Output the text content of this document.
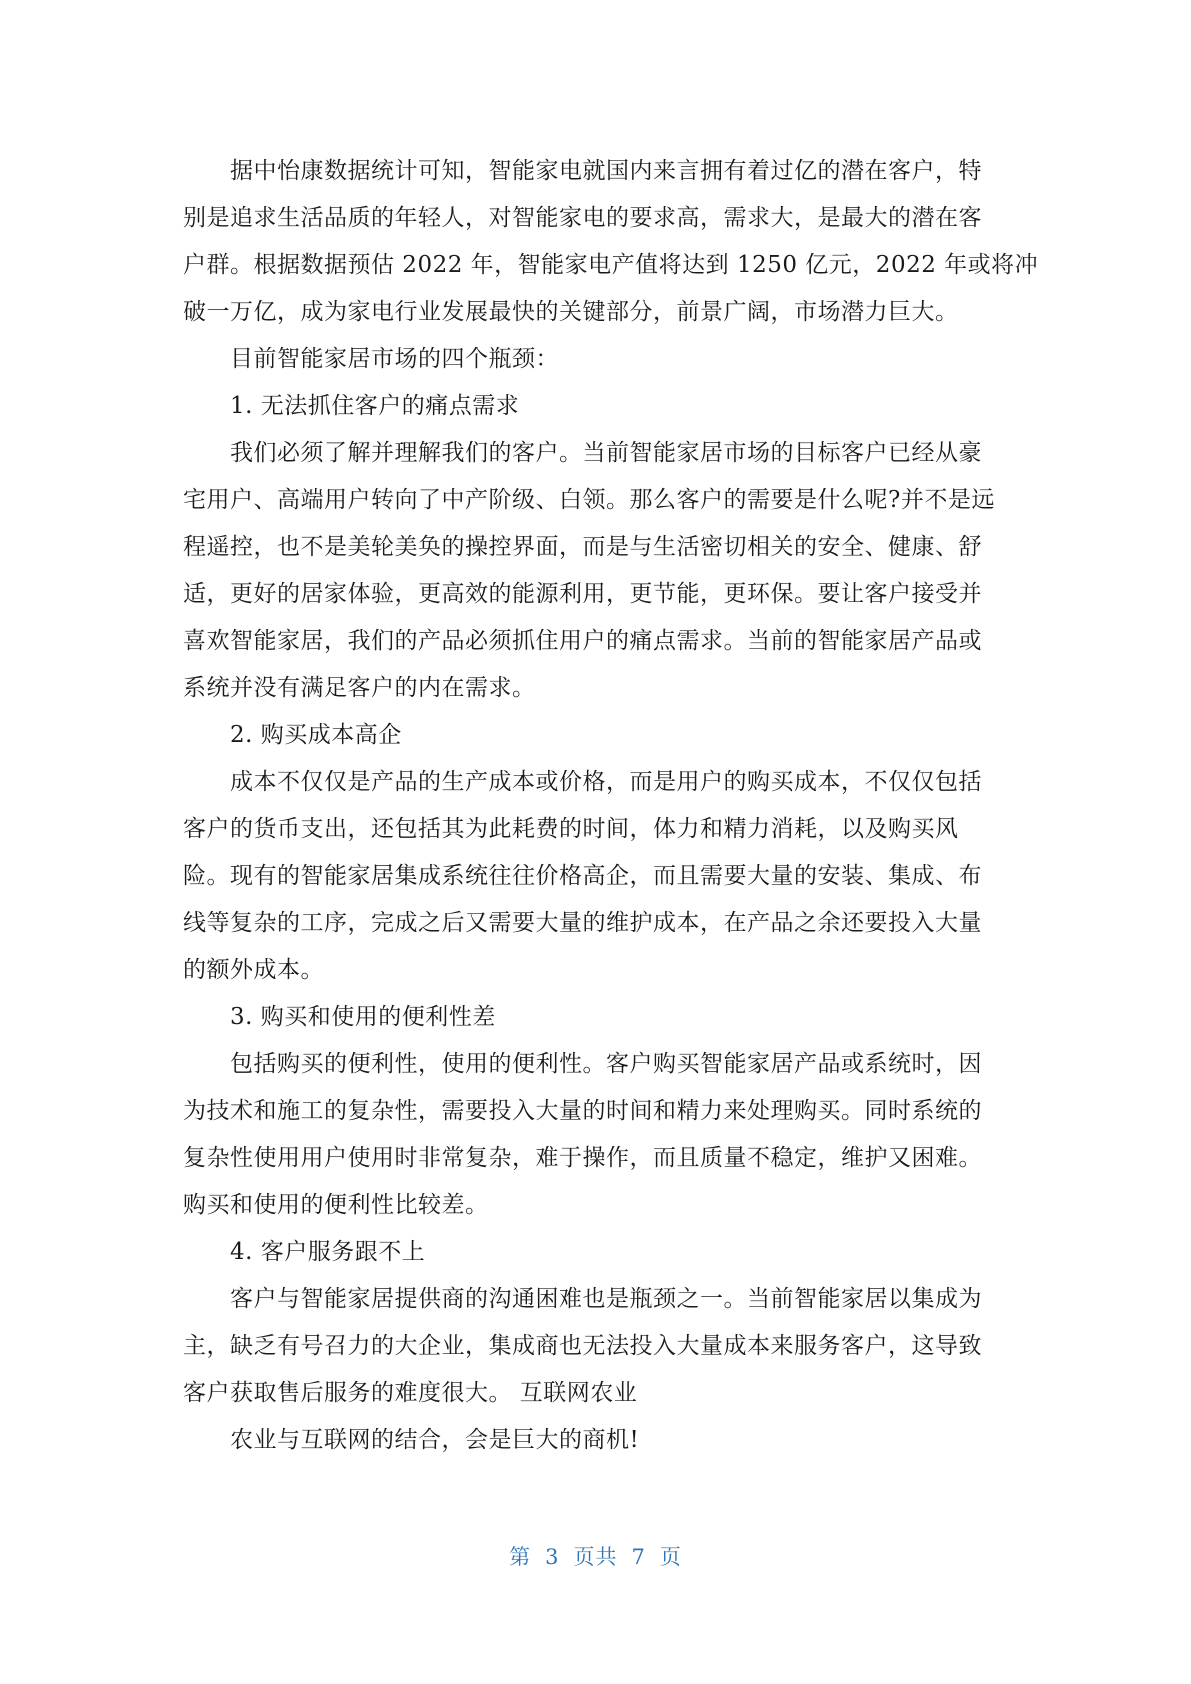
据中怡康数据统计可知，智能家电就国内来言拥有着过亿的潜在客户，特
别是追求生活品质的年轻人，对智能家电的要求高，需求大，是最大的潜在客
户群。根据数据预估 2022 年，智能家电产值将达到 1250 亿元，2022 年或将冲
破一万亿，成为家电行业发展最快的关键部分，前景广阔，市场潜力巨大。
目前智能家居市场的四个瓶颈：
1. 无法抓住客户的痛点需求
我们必须了解并理解我们的客户。当前智能家居市场的目标客户已经从豪
宅用户、高端用户转向了中产阶级、白领。那么客户的需要是什么呢?并不是远
程遥控，也不是美轮美奂的操控界面，而是与生活密切相关的安全、健康、舒
适，更好的居家体验，更高效的能源利用，更节能，更环保。要让客户接受并
喜欢智能家居，我们的产品必须抓住用户的痛点需求。当前的智能家居产品或
系统并没有满足客户的内在需求。
2. 购买成本高企
成本不仅仅是产品的生产成本或价格，而是用户的购买成本，不仅仅包括
客户的货币支出，还包括其为此耗费的时间，体力和精力消耗，以及购买风
险。现有的智能家居集成系统往往价格高企，而且需要大量的安装、集成、布
线等复杂的工序，完成之后又需要大量的维护成本，在产品之余还要投入大量
的额外成本。
3. 购买和使用的便利性差
包括购买的便利性，使用的便利性。客户购买智能家居产品或系统时，因
为技术和施工的复杂性，需要投入大量的时间和精力来处理购买。同时系统的
复杂性使用用户使用时非常复杂，难于操作，而且质量不稳定，维护又困难。
购买和使用的便利性比较差。
4. 客户服务跟不上
客户与智能家居提供商的沟通困难也是瓶颈之一。当前智能家居以集成为
主，缺乏有号召力的大企业，集成商也无法投入大量成本来服务客户，这导致
客户获取售后服务的难度很大。 互联网农业
农业与互联网的结合，会是巨大的商机!
第 3 页共 7 页
